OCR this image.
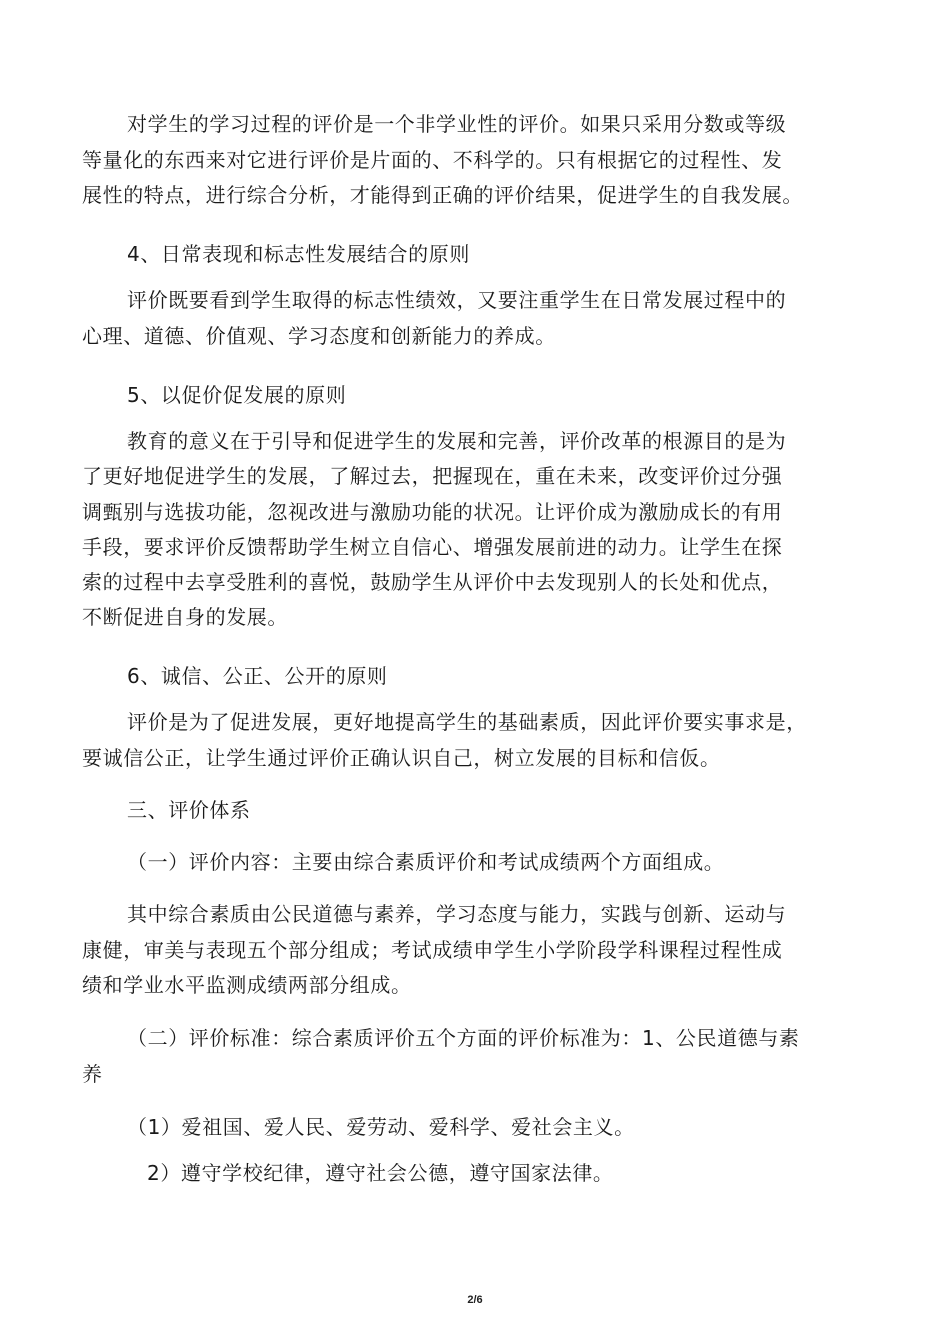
对学生的学习过程的评价是一个非学业性的评价。如果只采用分数或等级
等量化的东西来对它进行评价是片面的、不科学的。只有根据它的过程性、发
展性的特点，进行综合分析，才能得到正确的评价结果，促进学生的自我发展。
4、日常表现和标志性发展结合的原则
评价既要看到学生取得的标志性绩效，又要注重学生在日常发展过程中的
心理、道德、价值观、学习态度和创新能力的养成。
5、以促价促发展的原则
教育的意义在于引导和促进学生的发展和完善，评价改革的根源目的是为
了更好地促进学生的发展，了解过去，把握现在，重在未来，改变评价过分强
调甄别与选拔功能，忽视改进与激励功能的状况。让评价成为激励成长的有用
手段，要求评价反馈帮助学生树立自信心、增强发展前进的动力。让学生在探
索的过程中去享受胜利的喜悦，鼓励学生从评价中去发现别人的长处和优点，
不断促进自身的发展。
6、诚信、公正、公开的原则
评价是为了促进发展，更好地提高学生的基础素质，因此评价要实事求是，
要诚信公正，让学生通过评价正确认识自己，树立发展的目标和信仮。
三、评价体系
（一）评价内容：主要由综合素质评价和考试成绩两个方面组成。
其中综合素质由公民道德与素养，学习态度与能力，实践与创新、运动与
康健，审美与表现五个部分组成；考试成绩申学生小学阶段学科课程过程性成
绩和学业水平监测成绩两部分组成。
（二）评价标准：综合素质评价五个方面的评价标准为：1、公民道德与素
养
（1）爱祖国、爱人民、爱劳动、爱科学、爱社会主义。
2）遵守学校纪律，遵守社会公德，遵守国家法律。
2/6
